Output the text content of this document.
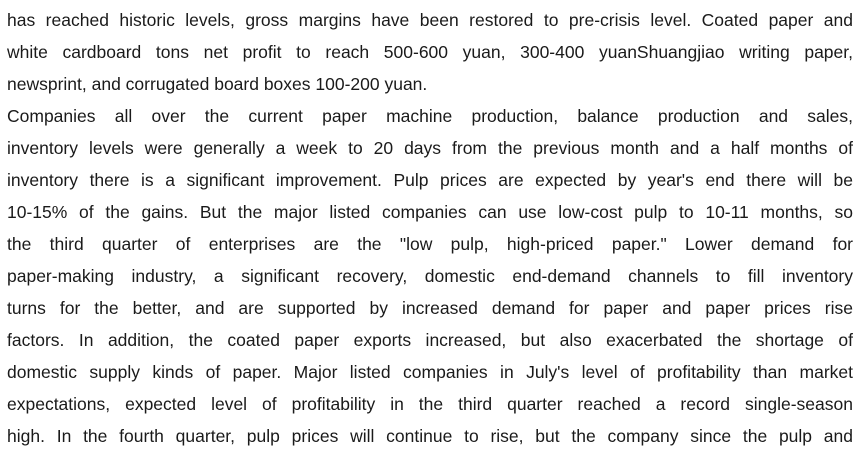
has reached historic levels, gross margins have been restored to pre-crisis level. Coated paper and
white cardboard tons net profit to reach 500-600 yuan, 300-400 yuanShuangjiao writing paper,
newsprint, and corrugated board boxes 100-200 yuan.
Companies all over the current paper machine production, balance production and sales,
inventory levels were generally a week to 20 days from the previous month and a half months of
inventory there is a significant improvement. Pulp prices are expected by year's end there will be
10-15% of the gains. But the major listed companies can use low-cost pulp to 10-11 months, so
the third quarter of enterprises are the "low pulp, high-priced paper." Lower demand for
paper-making industry, a significant recovery, domestic end-demand channels to fill inventory
turns for the better, and are supported by increased demand for paper and paper prices rise
factors. In addition, the coated paper exports increased, but also exacerbated the shortage of
domestic supply kinds of paper. Major listed companies in July's level of profitability than market
expectations, expected level of profitability in the third quarter reached a record single-season
high. In the fourth quarter, pulp prices will continue to rise, but the company since the pulp and
